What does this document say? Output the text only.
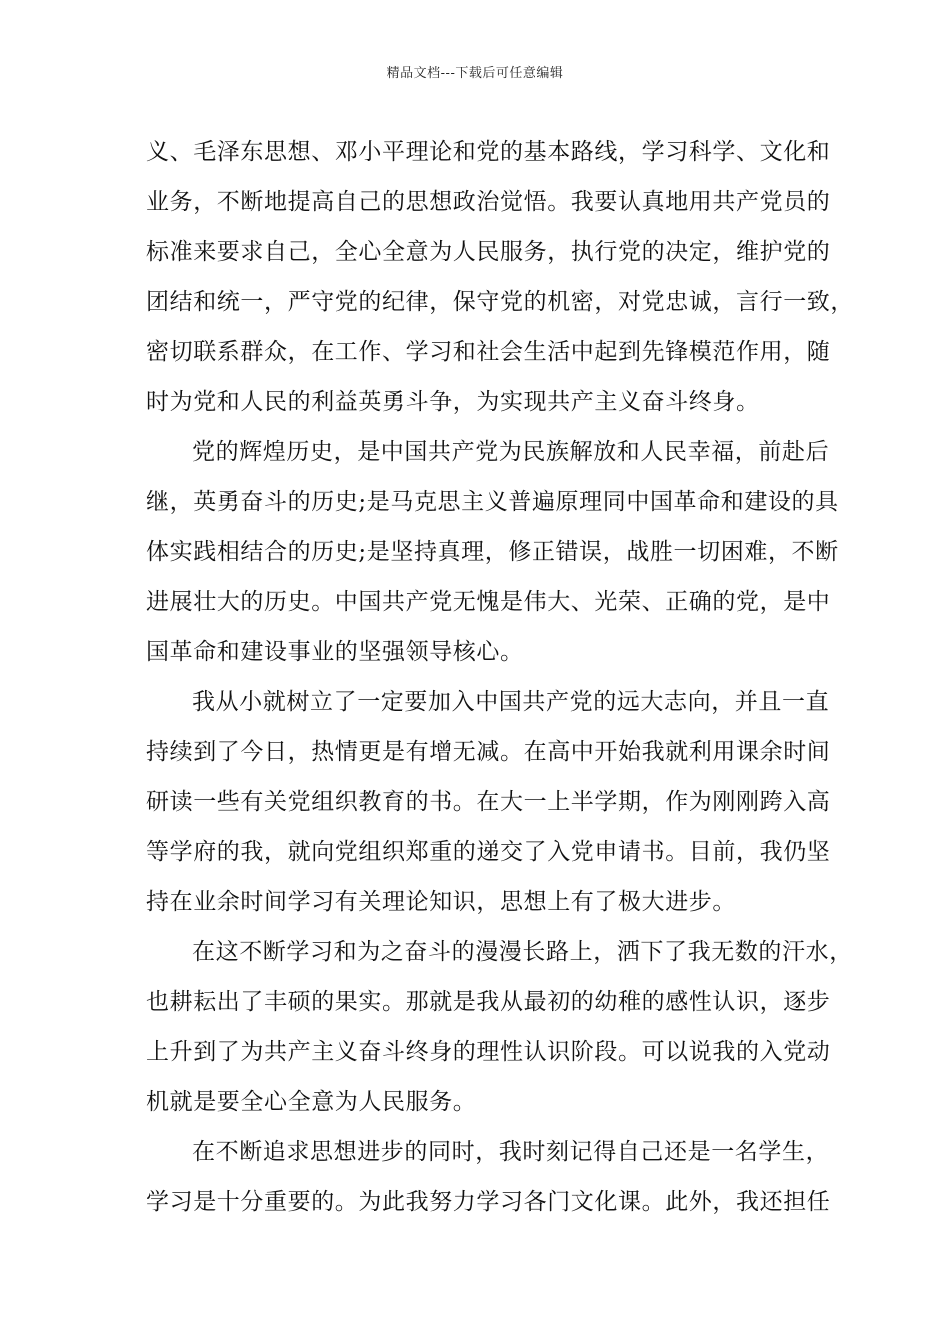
精品文档---下载后可任意编辑
义、毛泽东思想、邓小平理论和党的基本路线，学习科学、文化和
业务，不断地提高自己的思想政治觉悟。我要认真地用共产党员的
标准来要求自己，全心全意为人民服务，执行党的决定，维护党的
团结和统一，严守党的纪律，保守党的机密，对党忠诚，言行一致，
密切联系群众，在工作、学习和社会生活中起到先锋模范作用，随
时为党和人民的利益英勇斗争，为实现共产主义奋斗终身。
党的辉煌历史，是中国共产党为民族解放和人民幸福，前赴后
继，英勇奋斗的历史;是马克思主义普遍原理同中国革命和建设的具
体实践相结合的历史;是坚持真理，修正错误，战胜一切困难，不断
进展壮大的历史。中国共产党无愧是伟大、光荣、正确的党，是中
国革命和建设事业的坚强领导核心。
我从小就树立了一定要加入中国共产党的远大志向，并且一直
持续到了今日，热情更是有增无减。在高中开始我就利用课余时间
研读一些有关党组织教育的书。在大一上半学期，作为刚刚跨入高
等学府的我，就向党组织郑重的递交了入党申请书。目前，我仍坚
持在业余时间学习有关理论知识，思想上有了极大进步。
在这不断学习和为之奋斗的漫漫长路上，洒下了我无数的汗水，
也耕耘出了丰硕的果实。那就是我从最初的幼稚的感性认识，逐步
上升到了为共产主义奋斗终身的理性认识阶段。可以说我的入党动
机就是要全心全意为人民服务。
在不断追求思想进步的同时，我时刻记得自己还是一名学生，
学习是十分重要的。为此我努力学习各门文化课。此外，我还担任
